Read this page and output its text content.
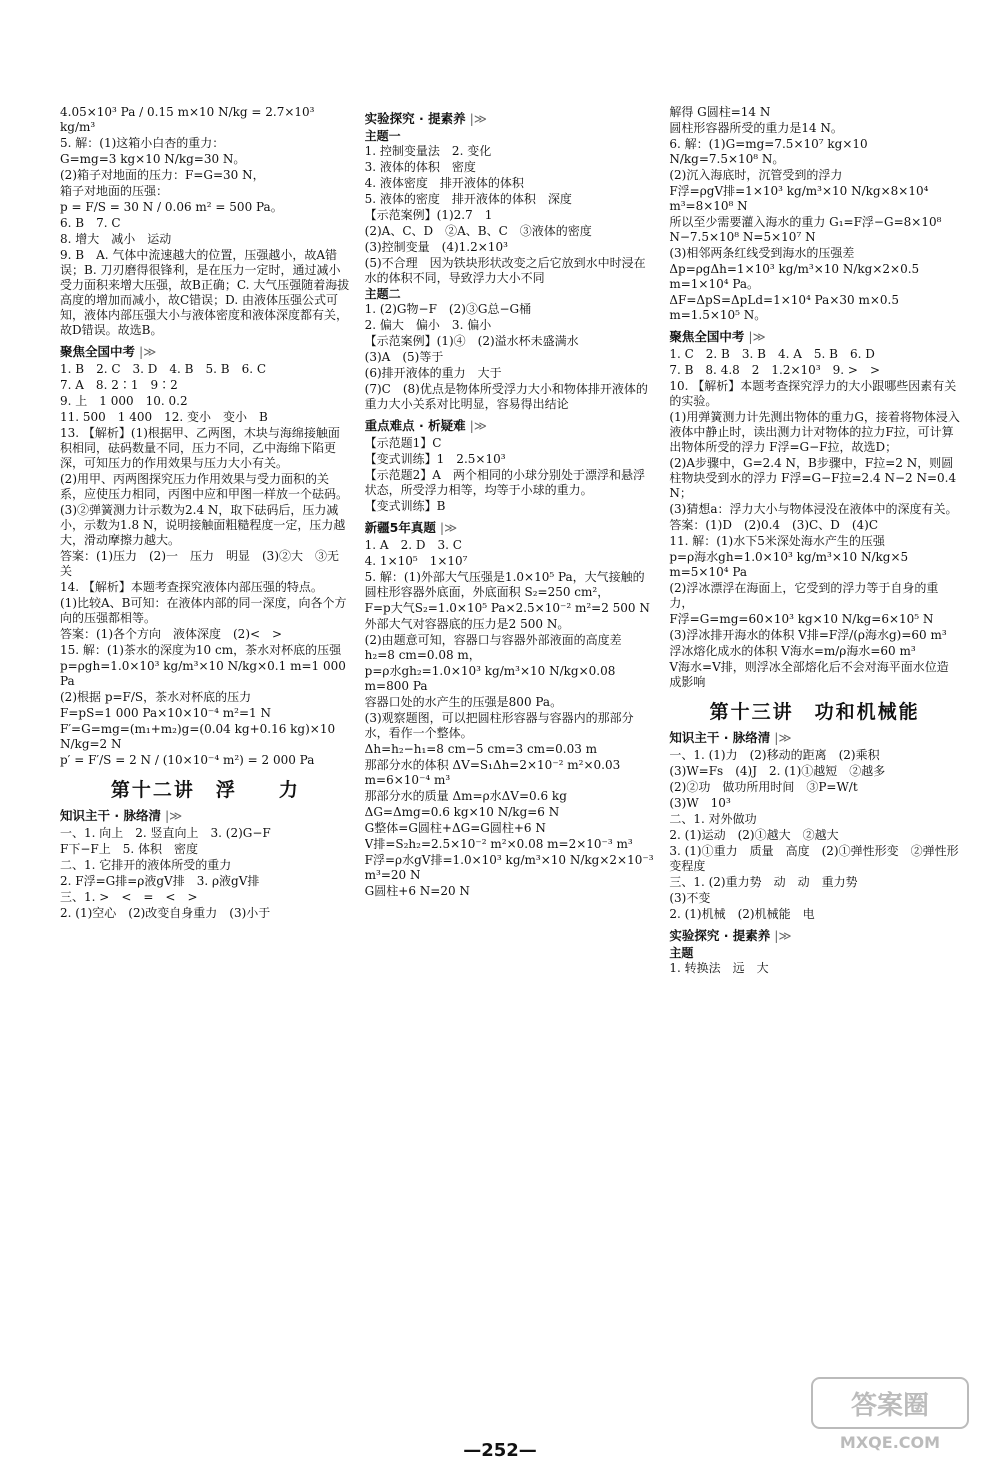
4.05×10³ Pa / 0.15 m×10 N/kg = 2.7×10³ kg/m³

5. 解：(1)这箱小白杏的重力：

G=mg=3 kg×10 N/kg=30 N。

(2)箱子对地面的压力：F=G=30 N，

箱子对地面的压强：

p = F/S = 30 N / 0.06 m² = 500 Pa。

6. B　7. C

8. 增大　减小　运动

9. B　A. 气体中流速越大的位置，压强越小，故A错误；B. 刀刃磨得很锋利，是在压力一定时，通过减小受力面积来增大压强，故B正确；C. 大气压强随着海拔高度的增加而减小，故C错误；D. 由液体压强公式可知，液体内部压强大小与液体密度和液体深度都有关，故D错误。故选B。

聚焦全国中考 |≫

1. B　2. C　3. D　4. B　5. B　6. C

7. A　8. 2∶1　9∶2

9. 上　1 000　10. 0.2

11. 500　1 400　12. 变小　变小　B

13. 【解析】(1)根据甲、乙两图，木块与海绵接触面积相同，砝码数量不同，压力不同，乙中海绵下陷更深，可知压力的作用效果与压力大小有关。

(2)用甲、丙两图探究压力作用效果与受力面积的关系，应使压力相同，丙图中应和甲图一样放一个砝码。

(3)②弹簧测力计示数为2.4 N，取下砝码后，压力减小，示数为1.8 N，说明接触面粗糙程度一定，压力越大，滑动摩擦力越大。

答案：(1)压力　(2)一　压力　明显　(3)②大　③无关

14. 【解析】本题考查探究液体内部压强的特点。

(1)比较A、B可知：在液体内部的同一深度，向各个方向的压强都相等。

答案：(1)各个方向　液体深度　(2)<　>

15. 解：(1)茶水的深度为10 cm，茶水对杯底的压强

p=ρgh=1.0×10³ kg/m³×10 N/kg×0.1 m=1 000 Pa

(2)根据 p=F/S，茶水对杯底的压力

F=pS=1 000 Pa×10×10⁻⁴ m²=1 N

F′=G=mg=(m₁+m₂)g=(0.04 kg+0.16 kg)×10 N/kg=2 N

p′ = F′/S = 2 N / (10×10⁻⁴ m²) = 2 000 Pa

第十二讲　浮　　力
知识主干 · 脉络清 |≫

一、1. 向上　2. 竖直向上　3. (2)G−F

F下−F上　5. 体积　密度

二、1. 它排开的液体所受的重力

2. F浮=G排=ρ液gV排　3. ρ液gV排

三、1. >　<　=　<　>

2. (1)空心　(2)改变自身重力　(3)小于

实验探究 · 提素养 |≫
主题一

1. 控制变量法　2. 变化

3. 液体的体积　密度

4. 液体密度　排开液体的体积

5. 液体的密度　排开液体的体积　深度

【示范案例】(1)2.7　1

(2)A、C、D　②A、B、C　③液体的密度

(3)控制变量　(4)1.2×10³

(5)不合理　因为铁块形状改变之后它放到水中时浸在水的体积不同，导致浮力大小不同

主题二

1. (2)G物−F　(2)③G总−G桶

2. 偏大　偏小　3. 偏小

【示范案例】(1)④　(2)溢水杯未盛满水

(3)A　(5)等于

(6)排开液体的重力　大于

(7)C　(8)优点是物体所受浮力大小和物体排开液体的重力大小关系对比明显，容易得出结论

重点难点 · 析疑难 |≫

【示范题1】C

【变式训练】1　2.5×10³

【示范题2】A　两个相同的小球分别处于漂浮和悬浮状态，所受浮力相等，均等于小球的重力。

【变式训练】B

新疆5年真题 |≫

1. A　2. D　3. C

4. 1×10⁵　1×10⁷

5. 解：(1)外部大气压强是1.0×10⁵ Pa，大气接触的圆柱形容器外底面，外底面积 S₂=250 cm²，

F=p大气S₂=1.0×10⁵ Pa×2.5×10⁻² m²=2 500 N

外部大气对容器底的压力是2 500 N。

(2)由题意可知，容器口与容器外部液面的高度差 h₂=8 cm=0.08 m，

p=ρ水gh₂=1.0×10³ kg/m³×10 N/kg×0.08 m=800 Pa

容器口处的水产生的压强是800 Pa。

(3)观察题图，可以把圆柱形容器与容器内的那部分水，看作一个整体。

Δh=h₂−h₁=8 cm−5 cm=3 cm=0.03 m

那部分水的体积 ΔV=S₁Δh=2×10⁻² m²×0.03 m=6×10⁻⁴ m³

那部分水的质量 Δm=ρ水ΔV=0.6 kg

ΔG=Δmg=0.6 kg×10 N/kg=6 N

G整体=G圆柱+ΔG=G圆柱+6 N

V排=S₂h₂=2.5×10⁻² m²×0.08 m=2×10⁻³ m³

F浮=ρ水gV排=1.0×10³ kg/m³×10 N/kg×2×10⁻³ m³=20 N

G圆柱+6 N=20 N

解得 G圆柱=14 N

圆柱形容器所受的重力是14 N。

6. 解：(1)G=mg=7.5×10⁷ kg×10 N/kg=7.5×10⁸ N。

(2)沉入海底时，沉管受到的浮力

F浮=ρgV排=1×10³ kg/m³×10 N/kg×8×10⁴ m³=8×10⁸ N

所以至少需要灌入海水的重力 G₁=F浮−G=8×10⁸ N−7.5×10⁸ N=5×10⁷ N

(3)相邻两条红线受到海水的压强差

Δp=ρgΔh=1×10³ kg/m³×10 N/kg×2×0.5 m=1×10⁴ Pa。

ΔF=ΔpS=ΔpLd=1×10⁴ Pa×30 m×0.5 m=1.5×10⁵ N。

聚焦全国中考 |≫

1. C　2. B　3. B　4. A　5. B　6. D

7. B　8. 4.8　2　1.2×10³　9. >　>

10. 【解析】本题考查探究浮力的大小跟哪些因素有关的实验。

(1)用弹簧测力计先测出物体的重力G，接着将物体浸入液体中静止时，读出测力计对物体的拉力F拉，可计算出物体所受的浮力 F浮=G−F拉，故选D；

(2)A步骤中，G=2.4 N，B步骤中，F拉=2 N，则圆柱物块受到水的浮力 F浮=G−F拉=2.4 N−2 N=0.4 N；

(3)猜想a：浮力大小与物体浸没在液体中的深度有关。

答案：(1)D　(2)0.4　(3)C、D　(4)C

11. 解：(1)水下5米深处海水产生的压强

p=ρ海水gh=1.0×10³ kg/m³×10 N/kg×5 m=5×10⁴ Pa

(2)浮冰漂浮在海面上，它受到的浮力等于自身的重力，

F浮=G=mg=60×10³ kg×10 N/kg=6×10⁵ N

(3)浮冰排开海水的体积 V排=F浮/(ρ海水g)=60 m³

浮冰熔化成水的体积 V海水=m/ρ海水=60 m³

V海水=V排，则浮冰全部熔化后不会对海平面水位造成影响

第十三讲　功和机械能
知识主干 · 脉络清 |≫

一、1. (1)力　(2)移动的距离　(2)乘积

(3)W=Fs　(4)J　2. (1)①越短　②越多

(2)②功　做功所用时间　③P=W/t

(3)W　10³

二、1. 对外做功

2. (1)运动　(2)①越大　②越大

3. (1)①重力　质量　高度　(2)①弹性形变　②弹性形变程度

三、1. (2)重力势　动　动　重力势

(3)不变

2. (1)机械　(2)机械能　电

实验探究 · 提素养 |≫
主题

1. 转换法　远　大

—252—
答案圈
MXQE.COM
